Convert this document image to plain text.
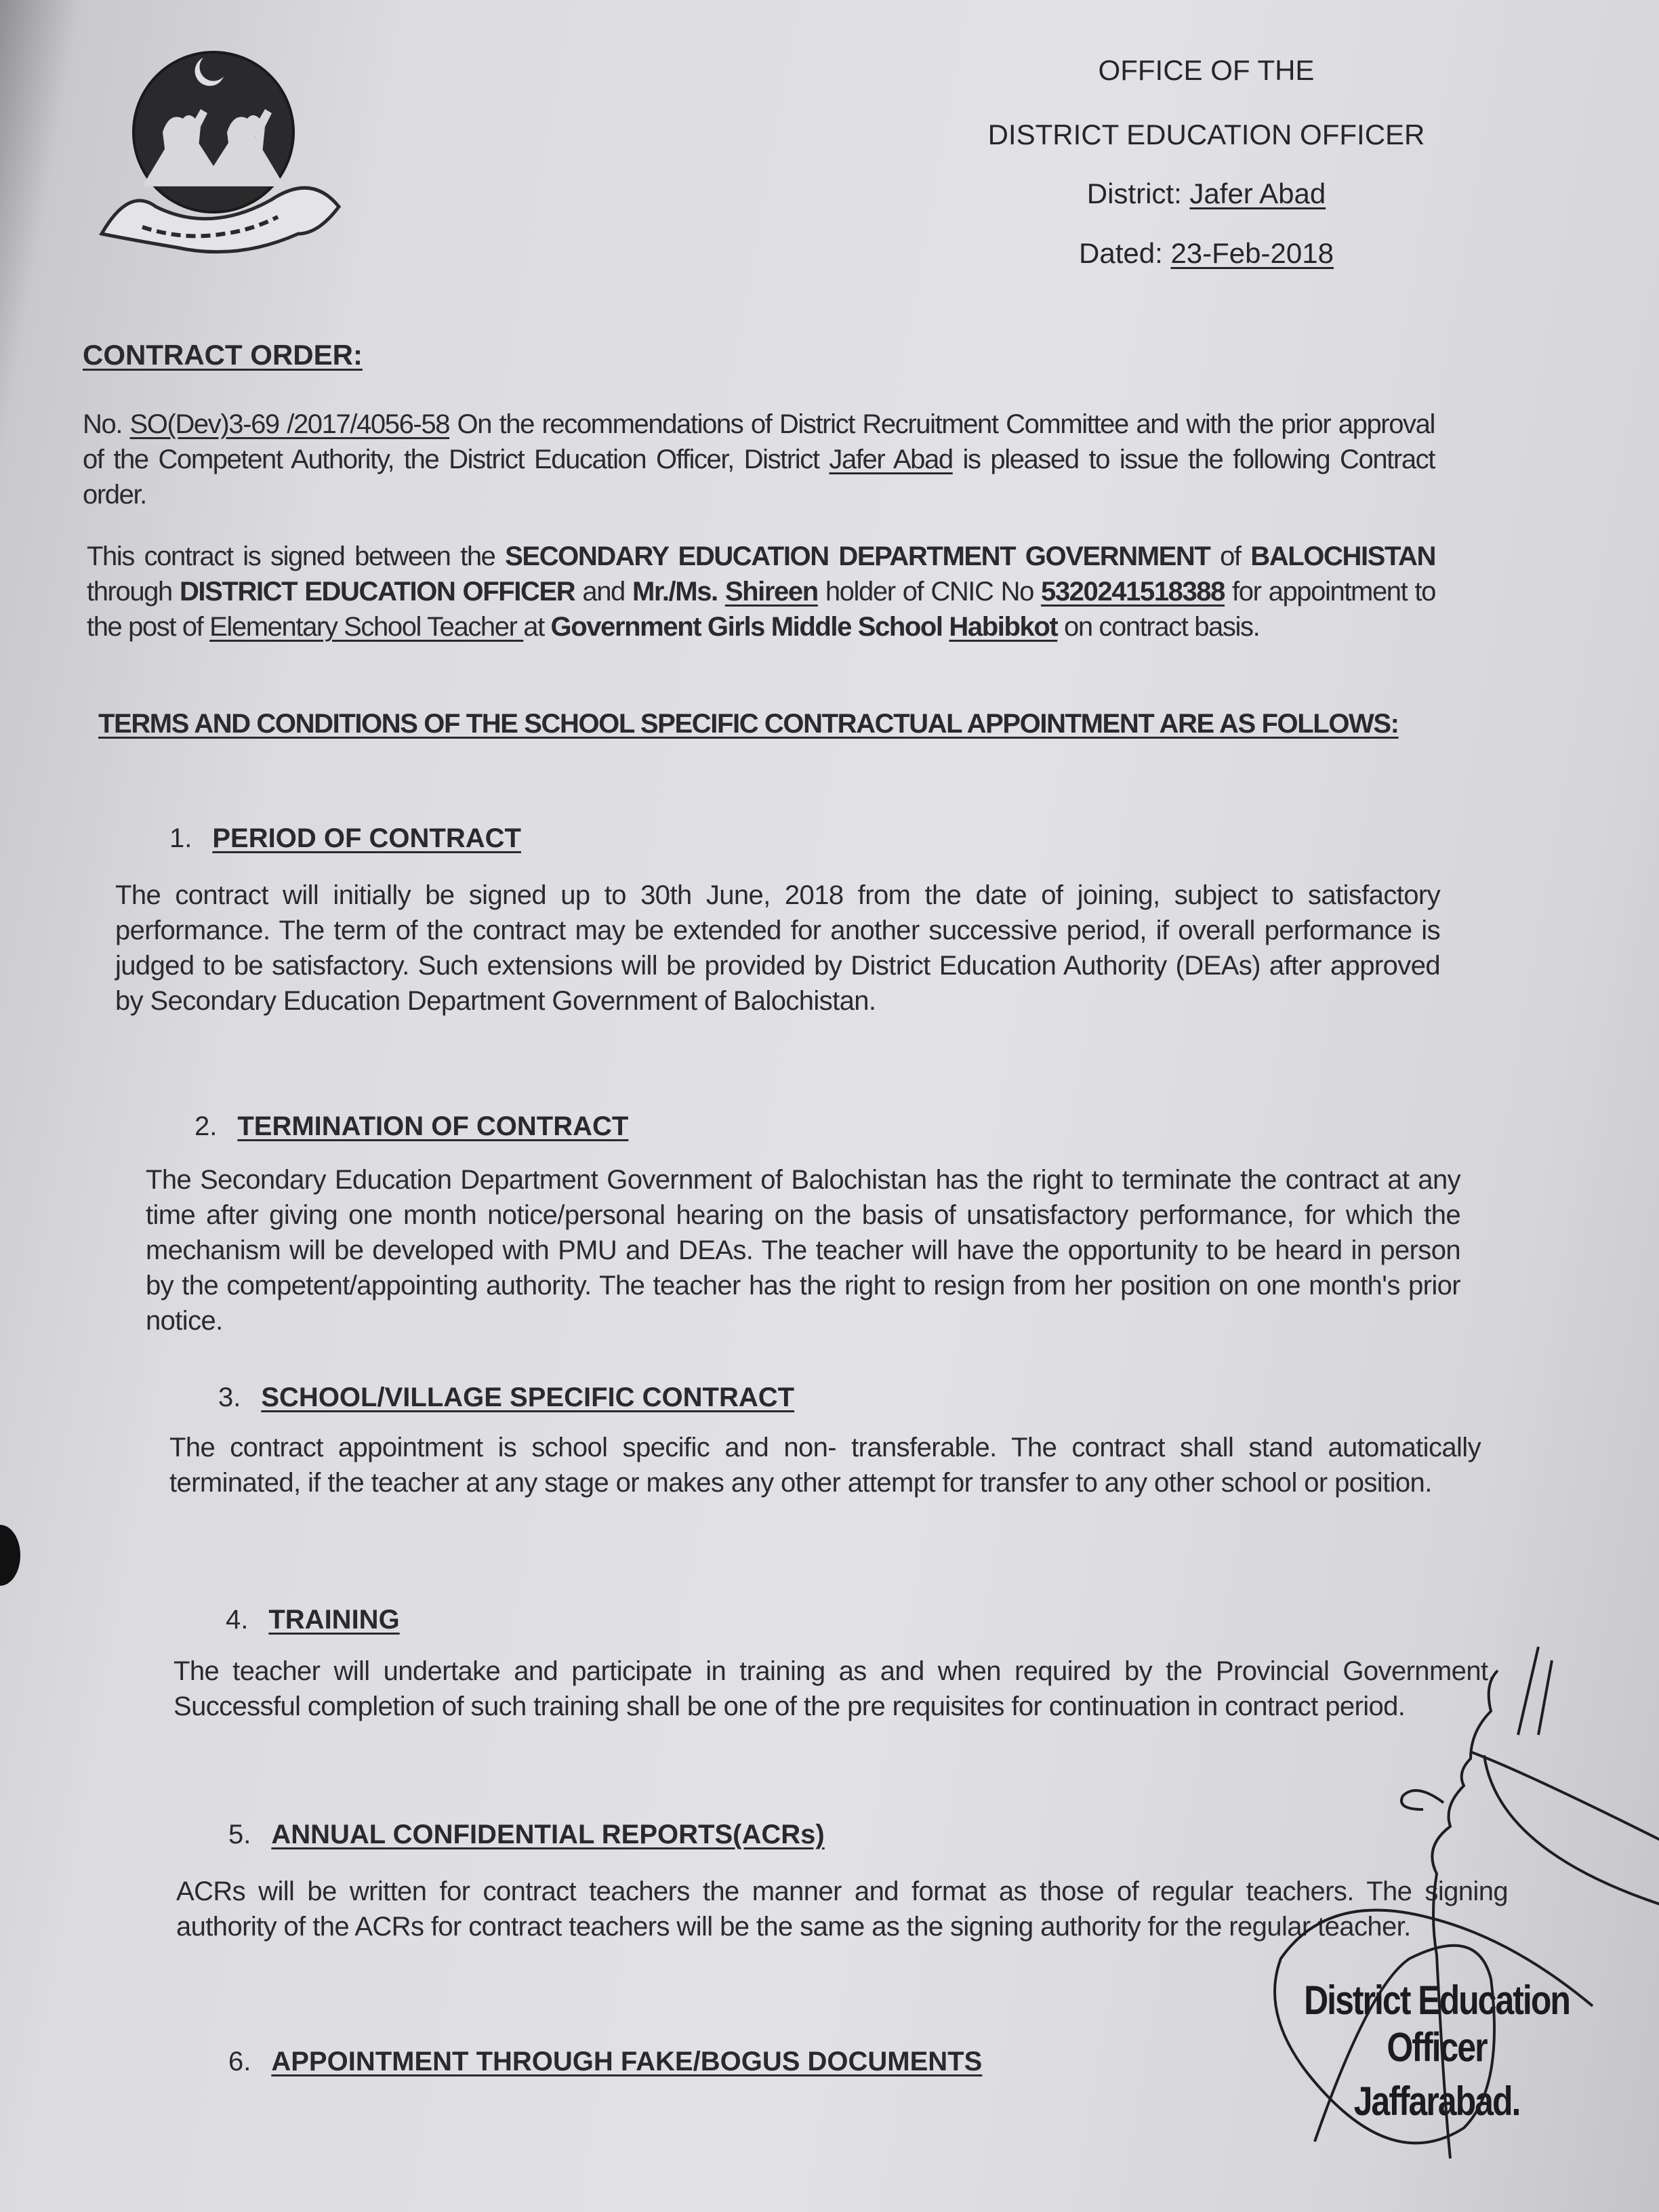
OFFICE OF THE
DISTRICT EDUCATION OFFICER
District: Jafer Abad
Dated: 23-Feb-2018
CONTRACT ORDER:
No. SO(Dev)3-69 /2017/4056-58 On the recommendations of District Recruitment Committee and with the prior approval of the Competent Authority, the District Education Officer, District Jafer Abad is pleased to issue the following Contract order.
This contract is signed between the SECONDARY EDUCATION DEPARTMENT GOVERNMENT of BALOCHISTAN through DISTRICT EDUCATION OFFICER and Mr./Ms. Shireen holder of CNIC No 5320241518388 for appointment to the post of Elementary School Teacher at Government Girls Middle School Habibkot on contract basis.
TERMS AND CONDITIONS OF THE SCHOOL SPECIFIC CONTRACTUAL APPOINTMENT ARE AS FOLLOWS:
1. PERIOD OF CONTRACT
The contract will initially be signed up to 30th June, 2018 from the date of joining, subject to satisfactory performance. The term of the contract may be extended for another successive period, if overall performance is judged to be satisfactory. Such extensions will be provided by District Education Authority (DEAs) after approved by Secondary Education Department Government of Balochistan.
2. TERMINATION OF CONTRACT
The Secondary Education Department Government of Balochistan has the right to terminate the contract at any time after giving one month notice/personal hearing on the basis of unsatisfactory performance, for which the mechanism will be developed with PMU and DEAs. The teacher will have the opportunity to be heard in person by the competent/appointing authority. The teacher has the right to resign from her position on one month's prior notice.
3. SCHOOL/VILLAGE SPECIFIC CONTRACT
The contract appointment is school specific and non- transferable. The contract shall stand automatically terminated, if the teacher at any stage or makes any other attempt for transfer to any other school or position.
4. TRAINING
The teacher will undertake and participate in training as and when required by the Provincial Government. Successful completion of such training shall be one of the pre requisites for continuation in contract period.
5. ANNUAL CONFIDENTIAL REPORTS(ACRs)
ACRs will be written for contract teachers the manner and format as those of regular teachers. The signing authority of the ACRs for contract teachers will be the same as the signing authority for the regular teacher.
6. APPOINTMENT THROUGH FAKE/BOGUS DOCUMENTS
District Education Officer
Jaffarabad.
